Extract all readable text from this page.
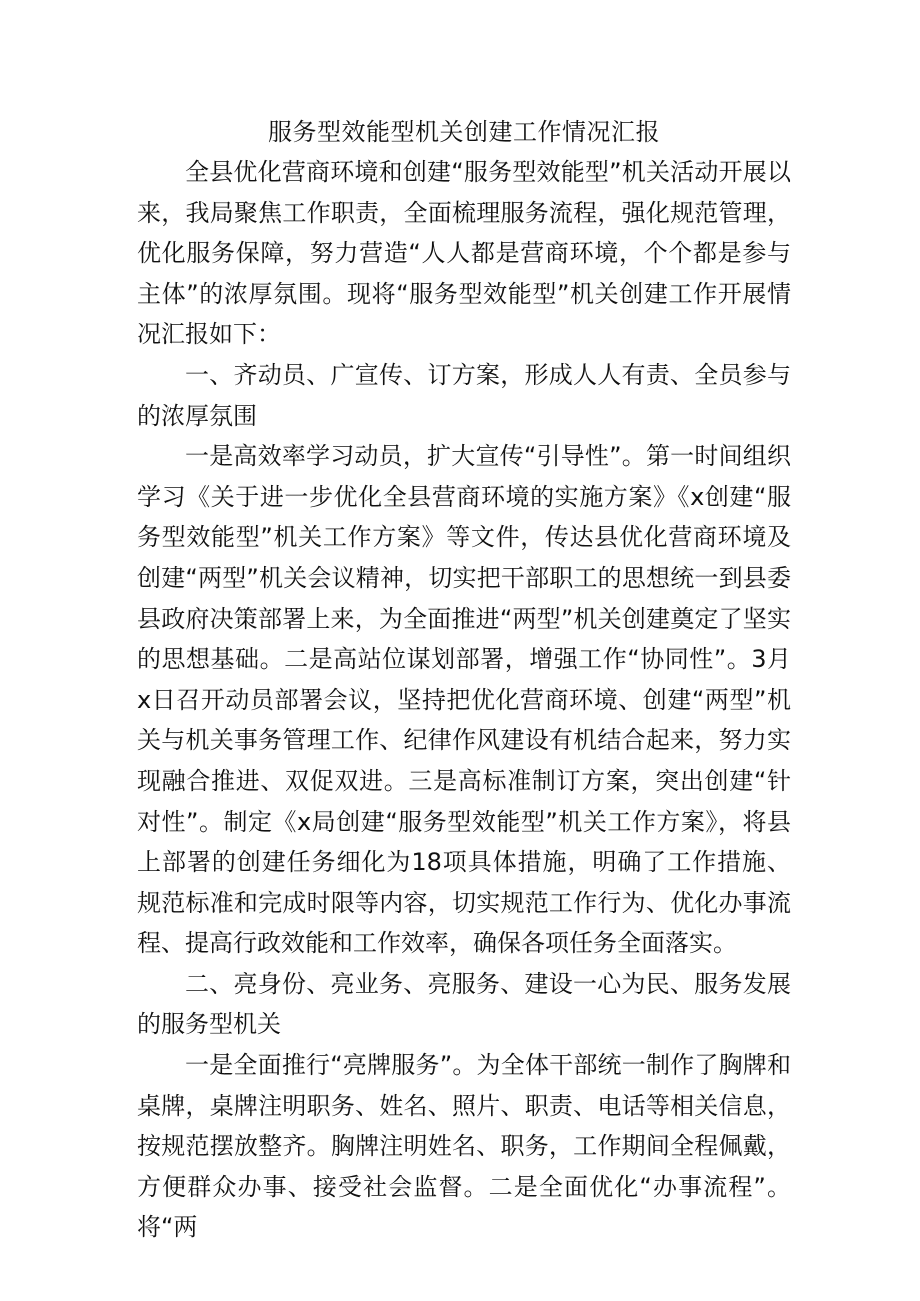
服务型效能型机关创建工作情况汇报

全县优化营商环境和创建“服务型效能型”机关活动开展以来，我局聚焦工作职责，全面梳理服务流程，强化规范管理，优化服务保障，努力营造“人人都是营商环境，个个都是参与主体”的浓厚氛围。现将“服务型效能型”机关创建工作开展情况汇报如下：

一、齐动员、广宣传、订方案，形成人人有责、全员参与的浓厚氛围

一是高效率学习动员，扩大宣传“引导性”。第一时间组织学习《关于进一步优化全县营商环境的实施方案》《x创建“服务型效能型”机关工作方案》等文件，传达县优化营商环境及创建“两型”机关会议精神，切实把干部职工的思想统一到县委县政府决策部署上来，为全面推进“两型”机关创建奠定了坚实的思想基础。二是高站位谋划部署，增强工作“协同性”。3月x日召开动员部署会议，坚持把优化营商环境、创建“两型”机关与机关事务管理工作、纪律作风建设有机结合起来，努力实现融合推进、双促双进。三是高标准制订方案，突出创建“针对性”。制定《x局创建“服务型效能型”机关工作方案》，将县上部署的创建任务细化为18项具体措施，明确了工作措施、规范标准和完成时限等内容，切实规范工作行为、优化办事流程、提高行政效能和工作效率，确保各项任务全面落实。

二、亮身份、亮业务、亮服务、建设一心为民、服务发展的服务型机关

一是全面推行“亮牌服务”。为全体干部统一制作了胸牌和桌牌，桌牌注明职务、姓名、照片、职责、电话等相关信息，按规范摆放整齐。胸牌注明姓名、职务，工作期间全程佩戴，方便群众办事、接受社会监督。二是全面优化“办事流程”。将“两
